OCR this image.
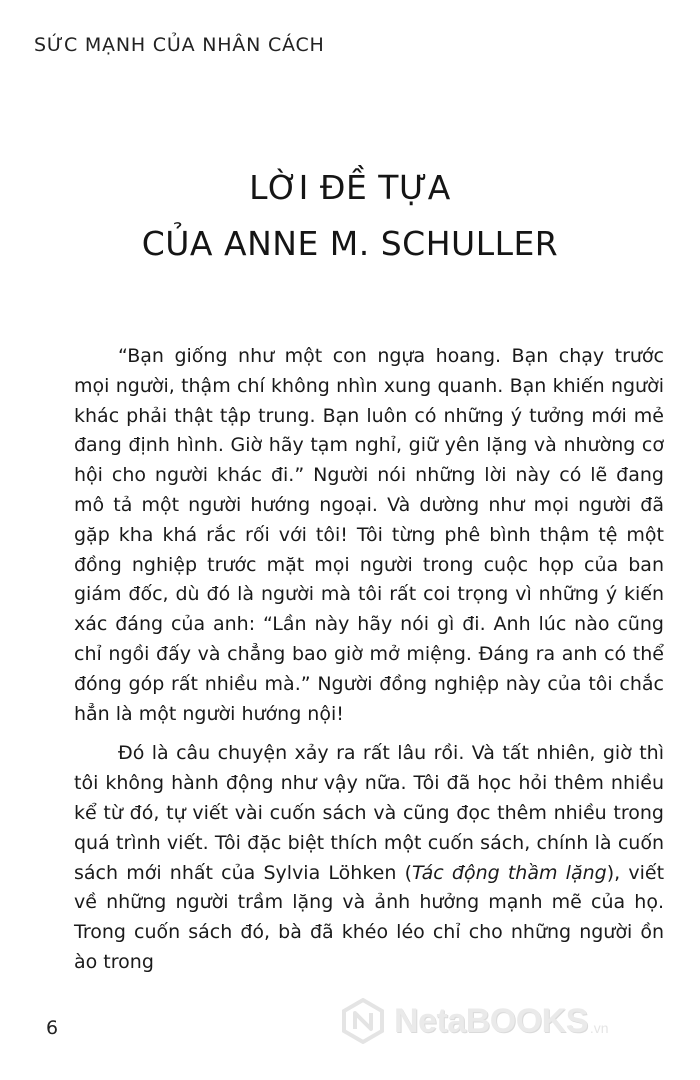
SỨC MẠNH CỦA NHÂN CÁCH
LỜI ĐỀ TỰA
CỦA ANNE M. SCHULLER

“Bạn giống như một con ngựa hoang. Bạn chạy trước mọi người, thậm chí không nhìn xung quanh. Bạn khiến người khác phải thật tập trung. Bạn luôn có những ý tưởng mới mẻ đang định hình. Giờ hãy tạm nghỉ, giữ yên lặng và nhường cơ hội cho người khác đi.” Người nói những lời này có lẽ đang mô tả một người hướng ngoại. Và dường như mọi người đã gặp kha khá rắc rối với tôi! Tôi từng phê bình thậm tệ một đồng nghiệp trước mặt mọi người trong cuộc họp của ban giám đốc, dù đó là người mà tôi rất coi trọng vì những ý kiến xác đáng của anh: “Lần này hãy nói gì đi. Anh lúc nào cũng chỉ ngồi đấy và chẳng bao giờ mở miệng. Đáng ra anh có thể đóng góp rất nhiều mà.” Người đồng nghiệp này của tôi chắc hẳn là một người hướng nội!

Đó là câu chuyện xảy ra rất lâu rồi. Và tất nhiên, giờ thì tôi không hành động như vậy nữa. Tôi đã học hỏi thêm nhiều kể từ đó, tự viết vài cuốn sách và cũng đọc thêm nhiều trong quá trình viết. Tôi đặc biệt thích một cuốn sách, chính là cuốn sách mới nhất của Sylvia Löhken (Tác động thầm lặng), viết về những người trầm lặng và ảnh hưởng mạnh mẽ của họ. Trong cuốn sách đó, bà đã khéo léo chỉ cho những người ồn ào trong

6	NetaBOOKS .vn
